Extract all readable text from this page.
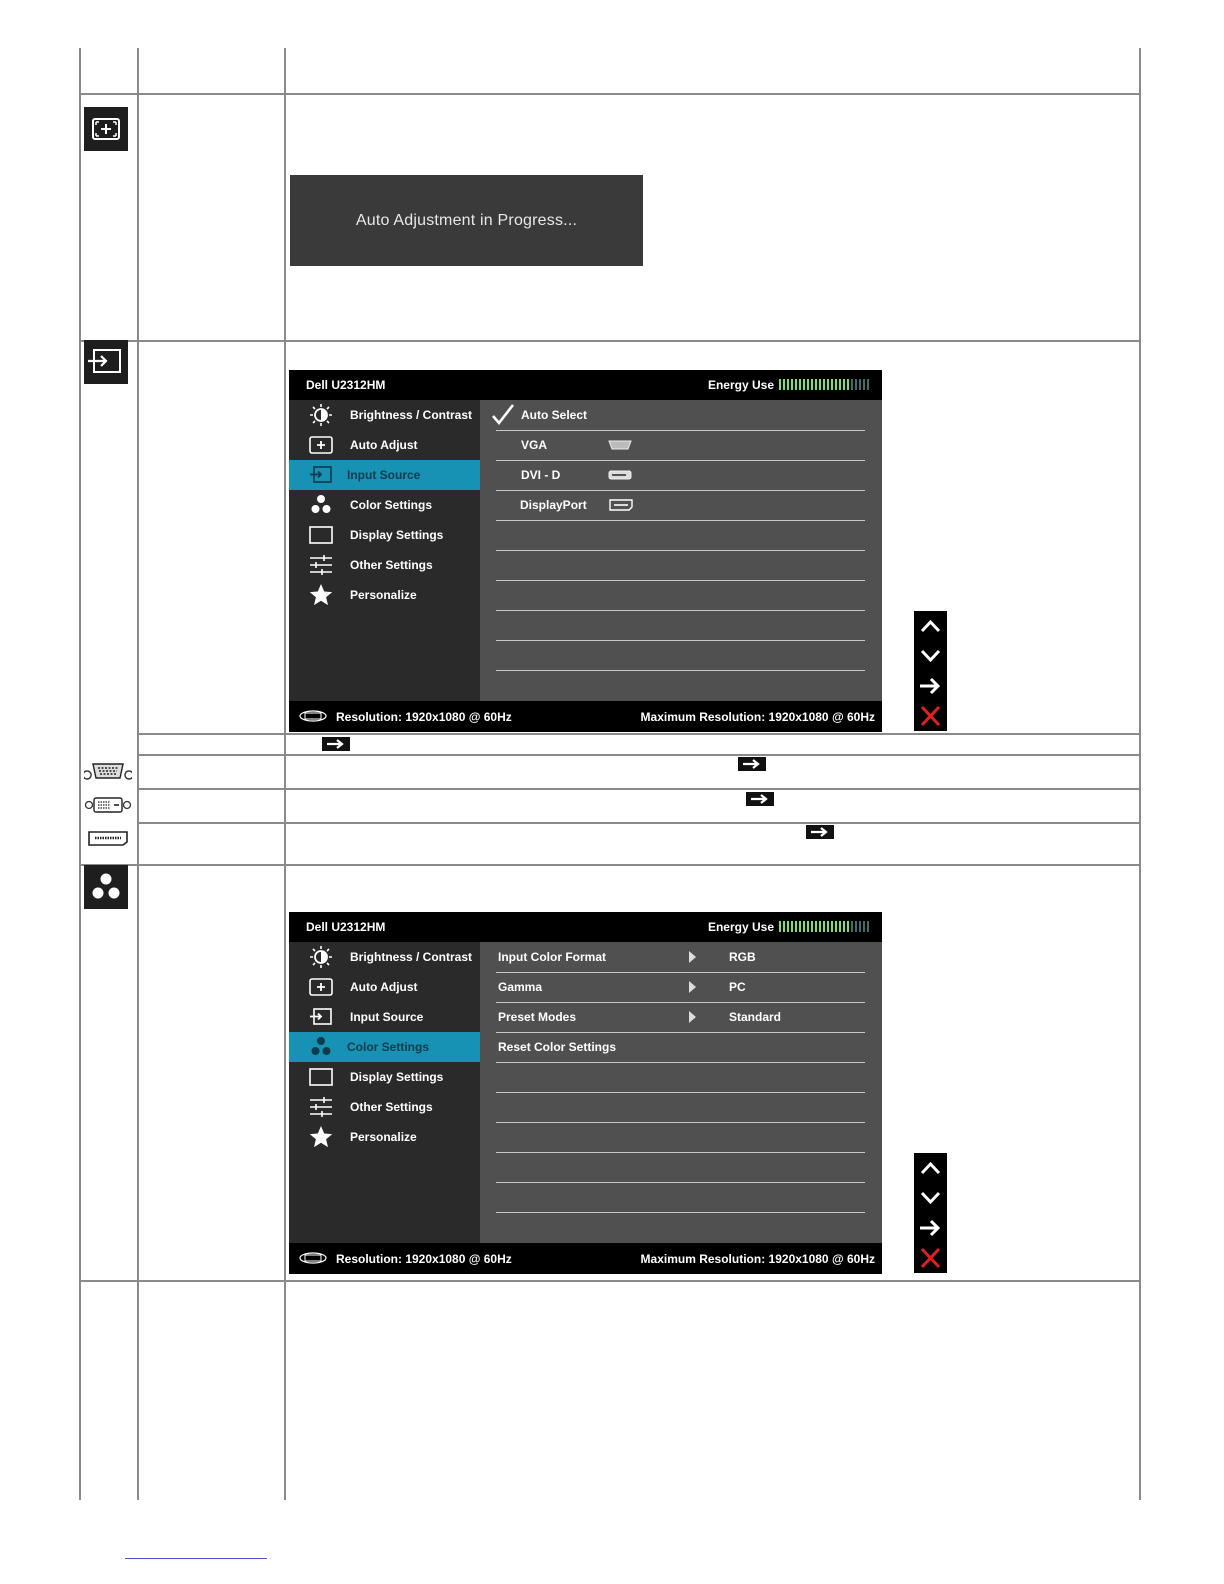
Auto Adjustment in Progress...
Dell U2312HM	Energy Use
Brightness / Contrast
Auto Adjust
Input Source
Color Settings
Display Settings
Other Settings
Personalize
Auto Select
VGA
DVI - D
DisplayPort
Resolution: 1920x1080 @ 60Hz	Maximum Resolution: 1920x1080 @ 60Hz
Dell U2312HM	Energy Use
Brightness / Contrast
Auto Adjust
Input Source
Color Settings
Display Settings
Other Settings
Personalize
Input Color Format	RGB
Gamma	PC
Preset Modes	Standard
Reset Color Settings
Resolution: 1920x1080 @ 60Hz	Maximum Resolution: 1920x1080 @ 60Hz
